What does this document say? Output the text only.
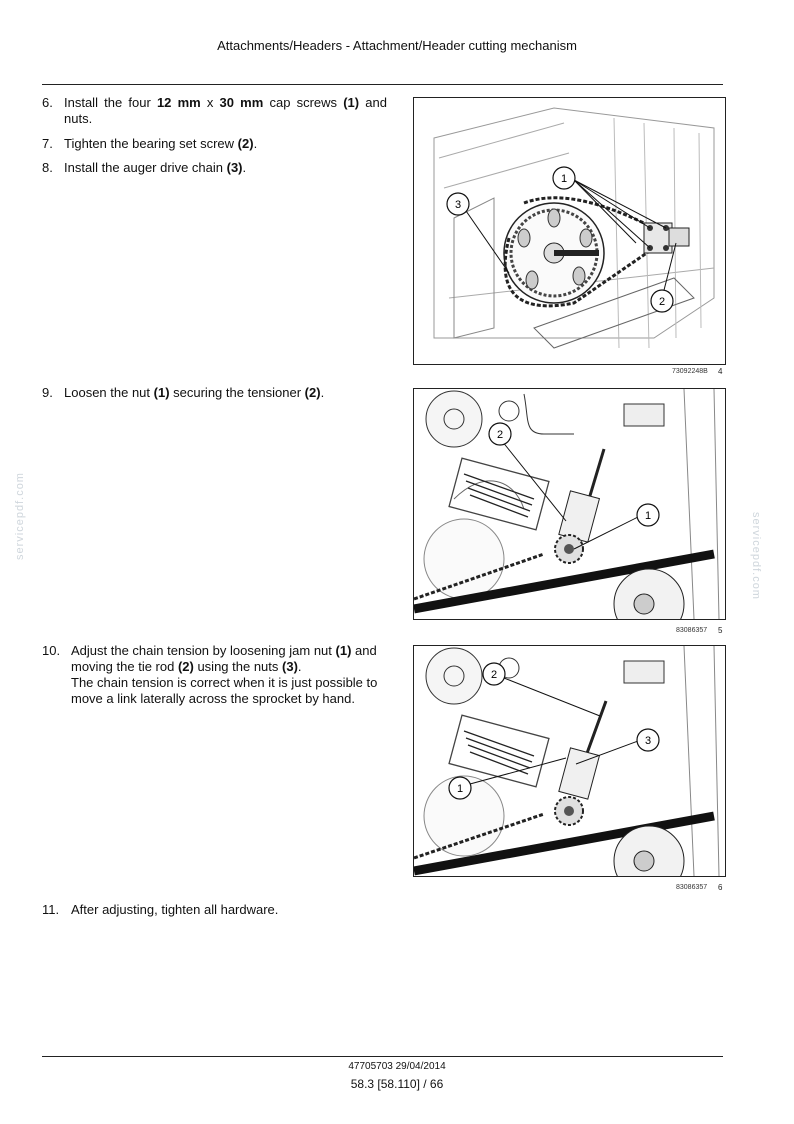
Attachments/Headers - Attachment/Header cutting mechanism
6. Install the four 12 mm x 30 mm cap screws (1) and nuts.
7. Tighten the bearing set screw (2).
8. Install the auger drive chain (3).
9. Loosen the nut (1) securing the tensioner (2).
10. Adjust the chain tension by loosening jam nut (1) and moving the tie rod (2) using the nuts (3).
The chain tension is correct when it is just possible to move a link laterally across the sprocket by hand.
11. After adjusting, tighten all hardware.
1
2
3
73092248B 4
2
1
83086357 5
2
3
1
83086357 6
servicepdf.com	servicepdf.com
47705703 29/04/2014
58.3 [58.110] / 66
